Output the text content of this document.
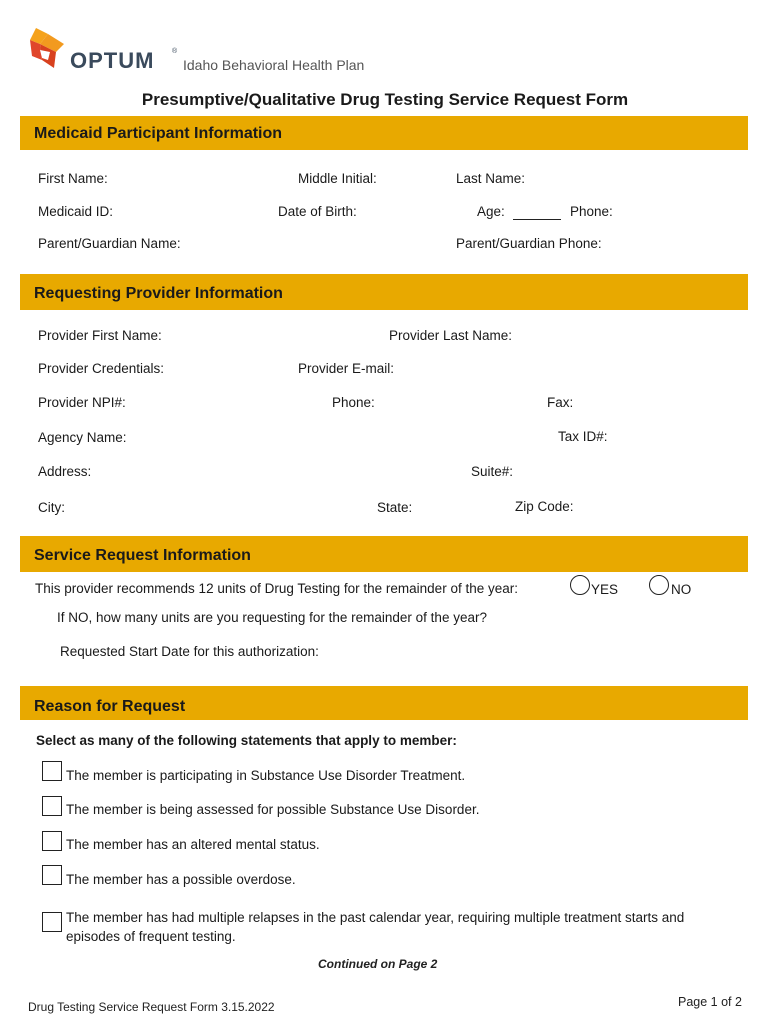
OPTUM	®
Idaho Behavioral Health Plan
Presumptive/Qualitative Drug Testing Service Request Form
Medicaid Participant Information
First Name:	Middle Initial:	Last Name:
Medicaid ID:	Date of Birth:	Age:	Phone:
Parent/Guardian Name:	Parent/Guardian Phone:
Requesting Provider Information
Provider First Name:	Provider Last Name:
Provider Credentials:	Provider E-mail:
Provider NPI#:	Phone:	Fax:
Agency Name:	Tax ID#:
Address:	Suite#:
City:	State:	Zip Code:
Service Request Information
This provider recommends 12 units of Drug Testing for the remainder of the year:	YES	NO
If NO, how many units are you requesting for the remainder of the year?
Requested Start Date for this authorization:
Reason for Request
Select as many of the following statements that apply to member:
The member is participating in Substance Use Disorder Treatment.
The member is being assessed for possible Substance Use Disorder.
The member has an altered mental status.
The member has a possible overdose.
The member has had multiple relapses in the past calendar year, requiring multiple treatment starts and
episodes of frequent testing.
Continued on Page 2
Drug Testing Service Request Form 3.15.2022	Page 1 of 2
